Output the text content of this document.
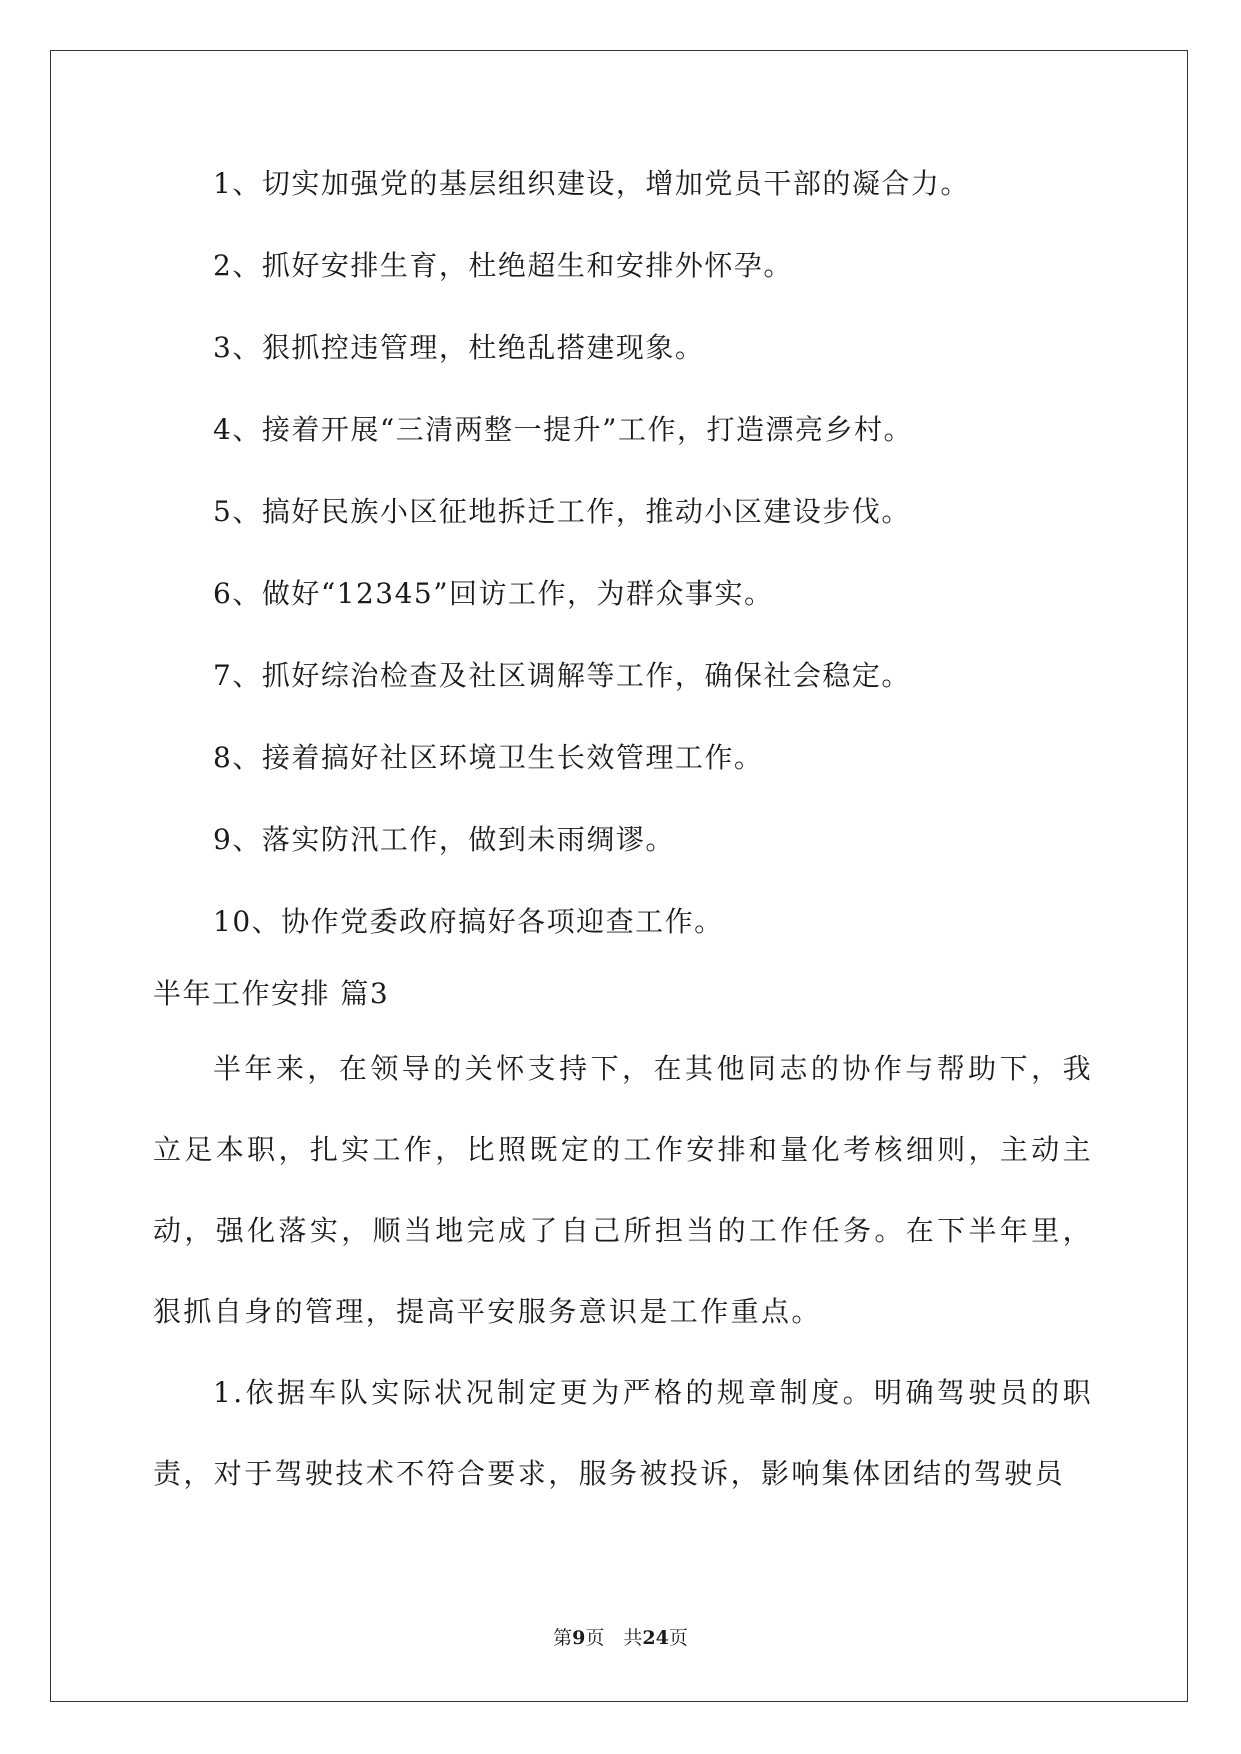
1、切实加强党的基层组织建设，增加党员干部的凝合力。
2、抓好安排生育，杜绝超生和安排外怀孕。
3、狠抓控违管理，杜绝乱搭建现象。
4、接着开展“三清两整一提升”工作，打造漂亮乡村。
5、搞好民族小区征地拆迁工作，推动小区建设步伐。
6、做好“12345”回访工作，为群众事实。
7、抓好综治检查及社区调解等工作，确保社会稳定。
8、接着搞好社区环境卫生长效管理工作。
9、落实防汛工作，做到未雨绸谬。
10、协作党委政府搞好各项迎查工作。
半年工作安排 篇3

半年来，在领导的关怀支持下，在其他同志的协作与帮助下，我立足本职，扎实工作，比照既定的工作安排和量化考核细则，主动主动，强化落实，顺当地完成了自己所担当的工作任务。在下半年里，狠抓自身的管理，提高平安服务意识是工作重点。

1.依据车队实际状况制定更为严格的规章制度。明确驾驶员的职责，对于驾驶技术不符合要求，服务被投诉，影响集体团结的驾驶员

第9页　共24页
